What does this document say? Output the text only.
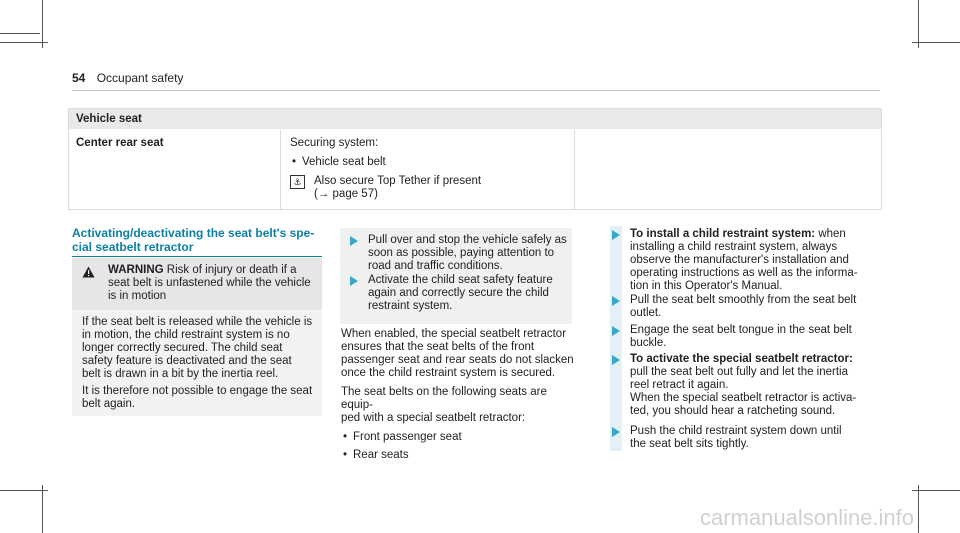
54 Occupant safety
Vehicle seat
Center rear seat	Securing system:
• Vehicle seat belt
⚓	Also secure Top Tether if present
(→ page 57)
Activating/deactivating the seat belt's spe-
cial seatbelt retractor
WARNING Risk of injury or death if a
seat belt is unfastened while the vehicle
is in motion

If the seat belt is released while the vehicle is
in motion, the child restraint system is no
longer correctly secured. The child seat
safety feature is deactivated and the seat
belt is drawn in a bit by the inertia reel.

It is therefore not possible to engage the seat
belt again.

Pull over and stop the vehicle safely as
soon as possible, paying attention to
road and traffic conditions.
Activate the child seat safety feature
again and correctly secure the child
restraint system.

When enabled, the special seatbelt retractor
ensures that the seat belts of the front
passenger seat and rear seats do not slacken
once the child restraint system is secured.

The seat belts on the following seats are equip-
ped with a special seatbelt retractor:

• Front passenger seat
• Rear seats
To install a child restraint system: when
installing a child restraint system, always
observe the manufacturer's installation and
operating instructions as well as the informa-
tion in this Operator's Manual.
Pull the seat belt smoothly from the seat belt
outlet.
Engage the seat belt tongue in the seat belt
buckle.
To activate the special seatbelt retractor:
pull the seat belt out fully and let the inertia
reel retract it again.
When the special seatbelt retractor is activa-
ted, you should hear a ratcheting sound.
Push the child restraint system down until
the seat belt sits tightly.
carmanualsonline.info
